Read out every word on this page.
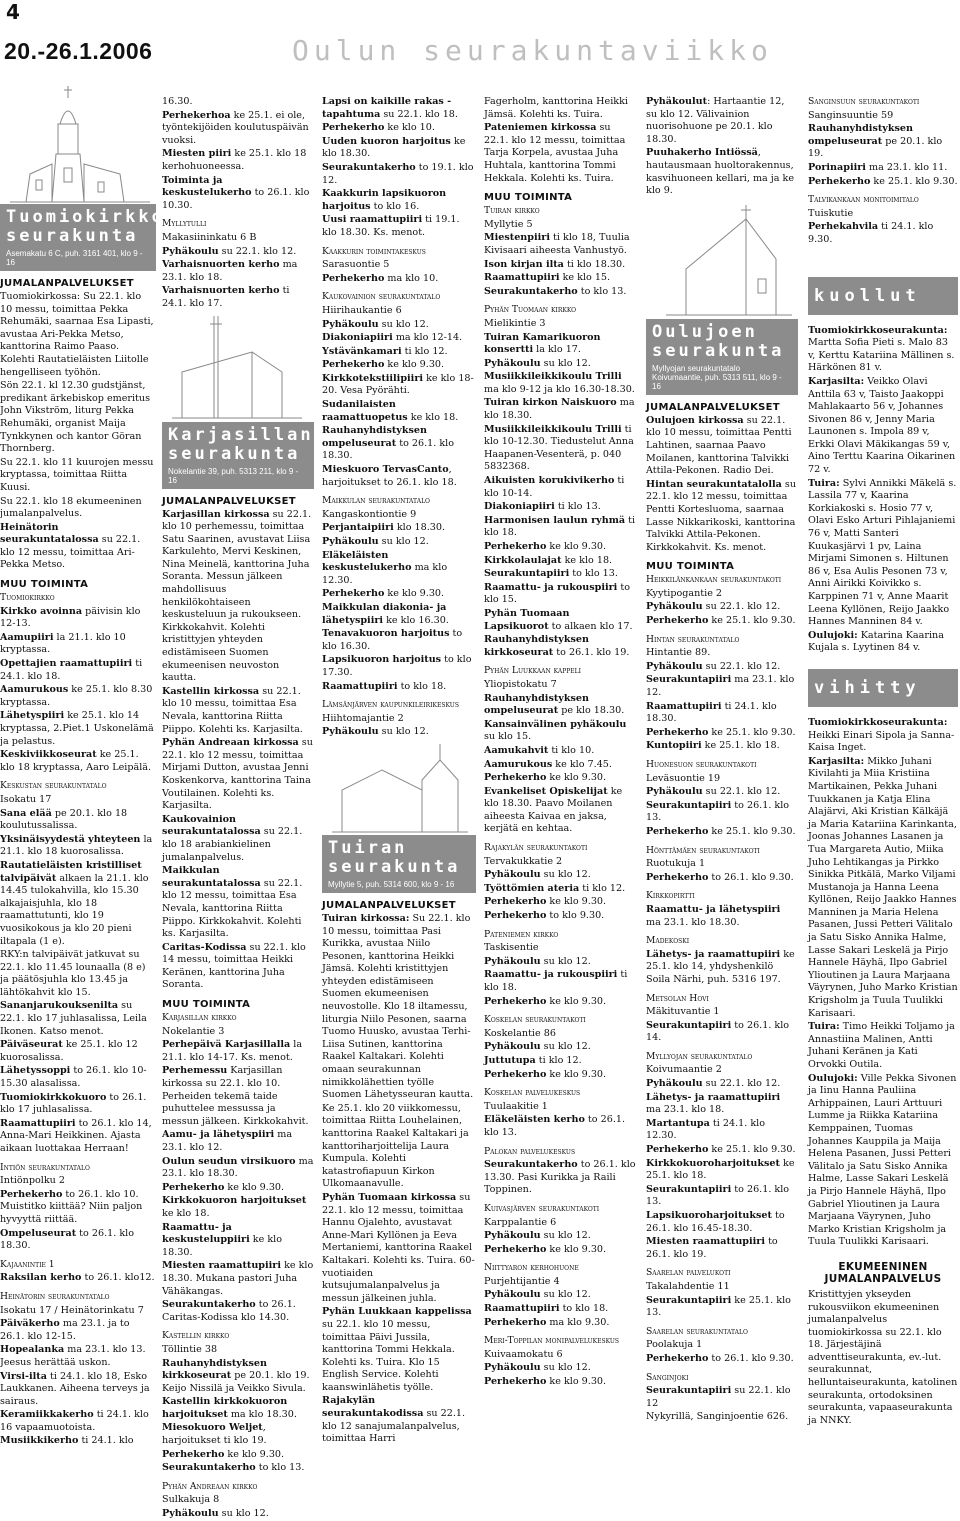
4
20.-26.1.2006	Oulun seurakuntaviikko
Tuomiokirkko-seurakunta
Asemakatu 6 C, puh. 3161 401, klo 9 - 16
JUMALANPALVELUKSET

Tuomiokirkossa: Su 22.1. klo 10 messu, toimittaa Pekka Rehumäki, saarnaa Esa Lipasti, avustaa Ari-Pekka Metso, kanttorina Raimo Paaso. Kolehti Rautatieläisten Liitolle hengelliseen työhön.

Sön 22.1. kl 12.30 gudstjänst, predikant ärkebiskop emeritus John Vikström, liturg Pekka Rehumäki, organist Maija Tynkkynen och kantor Göran Thornberg.

Su 22.1. klo 11 kuurojen messu kryptassa, toimittaa Riitta Kuusi.

Su 22.1. klo 18 ekumeeninen jumalanpalvelus.

Heinätorin seurakuntatalossa su 22.1. klo 12 messu, toimittaa Ari-Pekka Metso.

MUU TOIMINTA

Tuomiokirkko

Kirkko avoinna päivisin klo 12-13.

Aamupiiri la 21.1. klo 10 kryptassa.

Opettajien raamattupiiri ti 24.1. klo 18.

Aamurukous ke 25.1. klo 8.30 kryptassa.

Lähetyspiiri ke 25.1. klo 14 kryptassa, 2.Piet.1 Uskonelämä ja pelastus.

Keskiviikkoseurat ke 25.1. klo 18 kryptassa, Aaro Leipälä.

Keskustan seurakuntatalo

Isokatu 17

Sana elää pe 20.1. klo 18 koulutussalissa.

Yksinäisyydestä yhteyteen la 21.1. klo 18 kuorosalissa.

Rautatieläisten kristilliset talvipäivät alkaen la 21.1. klo 14.45 tulokahvilla, klo 15.30 alkajaisjuhla, klo 18 raamattutunti, klo 19 vuosikokous ja klo 20 pieni iltapala (1 e).

RKY:n talvipäivät jatkuvat su 22.1. klo 11.45 lounaalla (8 e) ja päätösjuhla klo 13.45 ja lähtökahvit klo 15.

Sananjarukouksenilta su 22.1. klo 17 juhlasalissa, Leila Ikonen. Katso menot.

Päiväseurat ke 25.1. klo 12 kuorosalissa.

Lähetyssoppi to 26.1. klo 10-15.30 alasalissa.

Tuomiokirkkokuoro to 26.1. klo 17 juhlasalissa.

Raamattupiiri to 26.1. klo 14, Anna-Mari Heikkinen. Ajasta aikaan luottakaa Herraan!

Intiön seurakuntatalo

Intiönpolku 2

Perhekerho to 26.1. klo 10. Muistitko kiittää? Niin paljon hyvyyttä riittää.

Ompeluseurat to 26.1. klo 18.30.

Kajaanintie 1

Raksilan kerho to 26.1. klo12.

Heinätorin seurakuntatalo

Isokatu 17 / Heinätorinkatu 7

Päiväkerho ma 23.1. ja to 26.1. klo 12-15.

Hopealanka ma 23.1. klo 13. Jeesus herättää uskon.

Virsi-ilta ti 24.1. klo 18, Esko Laukkanen. Aiheena terveys ja sairaus.

Keramiikkakerho ti 24.1. klo 16 vapaamuotoista.

Musiikkikerho ti 24.1. klo

16.30.

Perhekerhoa ke 25.1. ei ole, työntekijöiden koulutuspäivän vuoksi.

Miesten piiri ke 25.1. klo 18 kerhohuoneessa.

Toiminta ja keskustelukerho to 26.1. klo 10.30.

Myllytulli

Makasiininkatu 6 B

Pyhäkoulu su 22.1. klo 12.

Varhaisnuorten kerho ma 23.1. klo 18.

Varhaisnuorten kerho ti 24.1. klo 17.

Karjasillan seurakunta
Nokelantie 39, puh. 5313 211, klo 9 - 16
JUMALANPALVELUKSET

Karjasillan kirkossa su 22.1. klo 10 perhemessu, toimittaa Satu Saarinen, avustavat Liisa Karkulehto, Mervi Keskinen, Nina Meinelä, kanttorina Juha Soranta. Messun jälkeen mahdollisuus henkilökohtaiseen keskusteluun ja rukoukseen. Kirkkokahvit. Kolehti kristittyjen yhteyden edistämiseen Suomen ekumeenisen neuvoston kautta.

Kastellin kirkossa su 22.1. klo 10 messu, toimittaa Esa Nevala, kanttorina Riitta Piippo. Kolehti ks. Karjasilta.

Pyhän Andreaan kirkossa su 22.1. klo 12 messu, toimittaa Mirjami Dutton, avustaa Jenni Koskenkorva, kanttorina Taina Voutilainen. Kolehti ks. Karjasilta.

Kaukovainion seurakuntatalossa su 22.1. klo 18 arabiankielinen jumalanpalvelus.

Maikkulan seurakuntatalossa su 22.1. klo 12 messu, toimittaa Esa Nevala, kanttorina Riitta Piippo. Kirkkokahvit. Kolehti ks. Karjasilta.

Caritas-Kodissa su 22.1. klo 14 messu, toimittaa Heikki Keränen, kanttorina Juha Soranta.

MUU TOIMINTA

Karjasillan kirkko

Nokelantie 3

Perhepäivä Karjasillalla la 21.1. klo 14-17. Ks. menot.

Perhemessu Karjasillan kirkossa su 22.1. klo 10. Perheiden tekemä taide puhuttelee messussa ja messun jälkeen. Kirkkokahvit.

Aamu- ja lähetyspiiri ma 23.1. klo 12.

Oulun seudun virsikuoro ma 23.1. klo 18.30.

Perhekerho ke klo 9.30.

Kirkkokuoron harjoitukset ke klo 18.

Raamattu- ja keskusteluppiiri ke klo 18.30.

Miesten raamattupiiri ke klo 18.30. Mukana pastori Juha Vähäkangas.

Seurakuntakerho to 26.1. Caritas-Kodissa klo 14.30.

Kastellin kirkko

Töllintie 38

Rauhanyhdistyksen kirkkoseurat pe 20.1. klo 19. Keijo Nissilä ja Veikko Sivula.

Kastellin kirkkokuoron harjoitukset ma klo 18.30.

Miesokuoro Weljet, harjoitukset ti klo 19.

Perhekerho ke klo 9.30.

Seurakuntakerho to klo 13.

Pyhän Andreaan kirkko

Sulkakuja 8

Pyhäkoulu su klo 12.

Lapsi on kaikille rakas -tapahtuma su 22.1. klo 18.

Perhekerho ke klo 10.

Uuden kuoron harjoitus ke klo 18.30.

Seurakuntakerho to 19.1. klo 12.

Kaakkurin lapsikuoron harjoitus to klo 16.

Uusi raamattupiiri ti 19.1. klo 18.30. Ks. menot.

Kaakkurin toimintakeskus

Sarasuontie 5

Perhekerho ma klo 10.

Kaukovainion seurakuntatalo

Hiirihaukantie 6

Pyhäkoulu su klo 12.

Diakoniapiiri ma klo 12-14.

Ystävänkamari ti klo 12.

Perhekerho ke klo 9.30.

Kirkkotekstiilipiiri ke klo 18-20. Vesa Pyörähti.

Sudanilaisten raamattuopetus ke klo 18.

Rauhanyhdistyksen ompeluseurat to 26.1. klo 18.30.

Mieskuoro TervasCanto, harjoitukset to 26.1. klo 18.

Maikkulan seurakuntatalo

Kangaskontiontie 9

Perjantaipiiri klo 18.30.

Pyhäkoulu su klo 12.

Eläkeläisten keskustelukerho ma klo 12.30.

Perhekerho ke klo 9.30.

Maikkulan diakonia- ja lähetyspiiri ke klo 16.30.

Tenavakuoron harjoitus to klo 16.30.

Lapsikuoron harjoitus to klo 17.30.

Raamattupiiri to klo 18.

Lämsänjärven kaupunkileirikeskus

Hiihtomajantie 2

Pyhäkoulu su klo 12.

Tuiran seurakunta
Myllytie 5, puh. 5314 600, klo 9 - 16
JUMALANPALVELUKSET

Tuiran kirkossa: Su 22.1. klo 10 messu, toimittaa Pasi Kurikka, avustaa Niilo Pesonen, kanttorina Heikki Jämsä. Kolehti kristittyjen yhteyden edistämiseen Suomen ekumeenisen neuvostolle. Klo 18 iltamessu, liturgia Niilo Pesonen, saarna Tuomo Huusko, avustaa Terhi-Liisa Sutinen, kanttorina Raakel Kaltakari. Kolehti omaan seurakunnan nimikkolähettien työlle Suomen Lähetysseuran kautta.

Ke 25.1. klo 20 viikkomessu, toimittaa Riitta Louhelainen, kanttorina Raakel Kaltakari ja kanttoriharjoittelija Laura Kumpula. Kolehti katastrofiapuun Kirkon Ulkomaanavulle.

Pyhän Tuomaan kirkossa su 22.1. klo 12 messu, toimittaa Hannu Ojalehto, avustavat Anne-Mari Kyllönen ja Eeva Mertaniemi, kanttorina Raakel Kaltakari. Kolehti ks. Tuira. 60-vuotiaiden kutsujumalanpalvelus ja messun jälkeinen juhla.

Pyhän Luukkaan kappelissa su 22.1. klo 10 messu, toimittaa Päivi Jussila, kanttorina Tommi Hekkala. Kolehti ks. Tuira. Klo 15 English Service. Kolehti kaanswinlähetis työlle.

Rajakylän seurakuntakodissa su 22.1. klo 12 sanajumalanpalvelus, toimittaa Harri

Fagerholm, kanttorina Heikki Jämsä. Kolehti ks. Tuira.

Pateniemen kirkossa su 22.1. klo 12 messu, toimittaa Tarja Korpela, avustaa Juha Huhtala, kanttorina Tommi Hekkala. Kolehti ks. Tuira.

MUU TOIMINTA

Tuiran kirkko

Myllytie 5

Miestenpiiri ti klo 18, Tuulia Kivisaari aiheesta Vanhustyö.

Ison kirjan ilta ti klo 18.30.

Raamattupiiri ke klo 15.

Seurakuntakerho to klo 13.

Pyhän Tuomaan kirkko

Mielikintie 3

Tuiran Kamarikuoron konsertti la klo 17.

Pyhäkoulu su klo 12.

Musiikkileikkikoulu Trilli ma klo 9-12 ja klo 16.30-18.30.

Tuiran kirkon Naiskuoro ma klo 18.30.

Musiikkileikkikoulu Trilli ti klo 10-12.30. Tiedustelut Anna Haapanen-Vesenterä, p. 040 5832368.

Aikuisten korukivikerho ti klo 10-14.

Diakoniapiiri ti klo 13.

Harmonisen laulun ryhmä ti klo 18.

Perhekerho ke klo 9.30.

Kirkkolaulajat ke klo 18.

Seurakuntapiiri to klo 13.

Raamattu- ja rukouspiiri to klo 15.

Pyhän Tuomaan Lapsikuorot to alkaen klo 17.

Rauhanyhdistyksen kirkkoseurat to 26.1. klo 19.

Pyhän Luukkaan kappeli

Yliopistokatu 7

Rauhanyhdistyksen ompeluseurat pe klo 18.30.

Kansainvälinen pyhäkoulu su klo 15.

Aamukahvit ti klo 10.

Aamurukous ke klo 7.45.

Perhekerho ke klo 9.30.

Evankeliset Opiskelijat ke klo 18.30. Paavo Moilanen aiheesta Kaivaa en jaksa, kerjätä en kehtaa.

Rajakylän seurakuntakoti

Tervakukkatie 2

Pyhäkoulu su klo 12.

Työttömien ateria ti klo 12.

Perhekerho ke klo 9.30.

Perhekerho to klo 9.30.

Pateniemen kirkko

Taskisentie

Pyhäkoulu su klo 12.

Raamattu- ja rukouspiiri ti klo 18.

Perhekerho ke klo 9.30.

Koskelan seurakuntakoti

Koskelantie 86

Pyhäkoulu su klo 12.

Juttutupa ti klo 12.

Perhekerho ke klo 9.30.

Koskelan palvelukeskus

Tuulaakitie 1

Eläkeläisten kerho to 26.1. klo 13.

Palokan palvelukeskus

Seurakuntakerho to 26.1. klo 13.30. Pasi Kurikka ja Raili Toppinen.

Kuivasjärven seurakuntakoti

Karppalantie 6

Pyhäkoulu su klo 12.

Perhekerho ke klo 9.30.

Niittyaron kerhohuone

Purjehtijantie 4

Pyhäkoulu su klo 12.

Raamattupiiri to klo 18.

Perhekerho ma klo 9.30.

Meri-Toppilan monipalvelukeskus

Kuivaamokatu 6

Pyhäkoulu su klo 12.

Perhekerho ke klo 9.30.

Pyhäkoulut: Hartaantie 12, su klo 12. Välivainion nuorisohuone pe 20.1. klo 18.30.

Puuhakerho Intiössä, hautausmaan huoltorakennus, kasvihuoneen kellari, ma ja ke klo 9.

Oulujoen seurakunta
Myllyojan seurakuntatalo Koivumaantie, puh. 5313 511, klo 9 - 16
JUMALANPALVELUKSET

Oulujoen kirkossa su 22.1. klo 10 messu, toimittaa Pentti Lahtinen, saarnaa Paavo Moilanen, kanttorina Talvikki Attila-Pekonen. Radio Dei.

Hintan seurakuntatalolla su 22.1. klo 12 messu, toimittaa Pentti Kortesluoma, saarnaa Lasse Nikkarikoski, kanttorina Talvikki Attila-Pekonen. Kirkkokahvit. Ks. menot.

MUU TOIMINTA

Heikkilänkankaan seurakuntakoti

Kyytipogantie 2

Pyhäkoulu su 22.1. klo 12.

Perhekerho ke 25.1. klo 9.30.

Hintan seurakuntatalo

Hintantie 89.

Pyhäkoulu su 22.1. klo 12.

Seurakuntapiiri ma 23.1. klo 12.

Raamattupiiri ti 24.1. klo 18.30.

Perhekerho ke 25.1. klo 9.30.

Kuntopiiri ke 25.1. klo 18.

Huonesuon seurakuntakoti

Leväsuontie 19

Pyhäkoulu su 22.1. klo 12.

Seurakuntapiiri to 26.1. klo 13.

Perhekerho ke 25.1. klo 9.30.

Hönttämäen seurakuntakoti

Ruotukuja 1

Perhekerho to 26.1. klo 9.30.

Kirkkopirtti

Raamattu- ja lähetyspiiri ma 23.1. klo 18.30.

Madekoski

Lähetys- ja raamattupiiri ke 25.1. klo 14, yhdyshenkilö Soila Närhi, puh. 5316 197.

Metsolan Hovi

Mäkituvantie 1

Seurakuntapiiri to 26.1. klo 14.

Myllyojan seurakuntatalo

Koivumaantie 2

Pyhäkoulu su 22.1. klo 12.

Lähetys- ja raamattupiiri ma 23.1. klo 18.

Martantupa ti 24.1. klo 12.30.

Perhekerho ke 25.1. klo 9.30.

Kirkkokuoroharjoitukset ke 25.1. klo 18.

Seurakuntapiiri to 26.1. klo 13.

Lapsikuoroharjoitukset to 26.1. klo 16.45-18.30.

Miesten raamattupiiri to 26.1. klo 19.

Saarelan palvelukoti

Takalahdentie 11

Seurakuntapiiri ke 25.1. klo 13.

Saarelan seurakuntatalo

Poolakuja 1

Perhekerho to 26.1. klo 9.30.

Sanginjoki

Seurakuntapiiri su 22.1. klo 12

Nykyrillä, Sanginjoentie 626.

Sanginsuun seurakuntakoti

Sanginsuuntie 59

Rauhanyhdistyksen ompeluseurat pe 20.1. klo 19.

Porinapiiri ma 23.1. klo 11.

Perhekerho ke 25.1. klo 9.30.

Talvikankaan monitoimitalo

Tuiskutie

Perhekahvila ti 24.1. klo 9.30.

kuollut

Tuomiokirkkoseurakunta: Martta Sofia Pieti s. Malo 83 v, Kerttu Katariina Mällinen s. Härkönen 81 v.

Karjasilta: Veikko Olavi Anttila 63 v, Taisto Jaakoppi Mahlakaarto 56 v, Johannes Sivonen 86 v, Jenny Maria Launonen s. Impola 89 v, Erkki Olavi Mäkikangas 59 v, Aino Terttu Kaarina Oikarinen 72 v.

Tuira: Sylvi Annikki Mäkelä s. Lassila 77 v, Kaarina Korkiakoski s. Hosio 77 v, Olavi Esko Arturi Pihlajaniemi 76 v, Matti Santeri Kuukasjärvi 1 pv, Laina Mirjami Simonen s. Hiltunen 86 v, Esa Aulis Pesonen 73 v, Anni Airikki Koivikko s. Karppinen 71 v, Anne Maarit Leena Kyllönen, Reijo Jaakko Hannes Manninen 84 v.

Oulujoki: Katarina Kaarina Kujala s. Lyytinen 84 v.

vihitty

Tuomiokirkkoseurakunta: Heikki Einari Sipola ja Sanna-Kaisa Inget.

Karjasilta: Mikko Juhani Kivilahti ja Miia Kristiina Martikainen, Pekka Juhani Tuukkanen ja Katja Elina Alajärvi, Aki Kristian Kälkäjä ja Maria Katariina Karinkanta, Joonas Johannes Lasanen ja Tua Margareta Autio, Miika Juho Lehtikangas ja Pirkko Sinikka Pitkälä, Marko Viljami Mustanoja ja Hanna Leena Kyllönen, Reijo Jaakko Hannes Manninen ja Maria Helena Pasanen, Jussi Petteri Välitalo ja Satu Sisko Annika Halme, Lasse Sakari Leskelä ja Pirjo Hannele Häyhä, Ilpo Gabriel Ylioutinen ja Laura Marjaana Väyrynen, Juho Marko Kristian Krigsholm ja Tuula Tuulikki Karisaari.

Tuira: Timo Heikki Toljamo ja Annastiina Malinen, Antti Juhani Keränen ja Kati Orvokki Outila.

Oulujoki: Ville Pekka Sivonen ja Iinu Hanna Pauliina Arhippainen, Lauri Arttuuri Lumme ja Riikka Katariina Kemppainen, Tuomas Johannes Kauppila ja Maija Helena Pasanen, Jussi Petteri Välitalo ja Satu Sisko Annika Halme, Lasse Sakari Leskelä ja Pirjo Hannele Häyhä, Ilpo Gabriel Ylioutinen ja Laura Marjaana Väyrynen, Juho Marko Kristian Krigsholm ja Tuula Tuulikki Karisaari.

EKUMEENINEN JUMALANPALVELUS

Kristittyjen ykseyden rukousviikon ekumeeninen jumalanpalvelus tuomiokirkossa su 22.1. klo 18. Järjestäjinä adventtiseurakunta, ev.-lut. seurakunnat, helluntaiseurakunta, katolinen seurakunta, ortodoksinen seurakunta, vapaaseurakunta ja NNKY.
